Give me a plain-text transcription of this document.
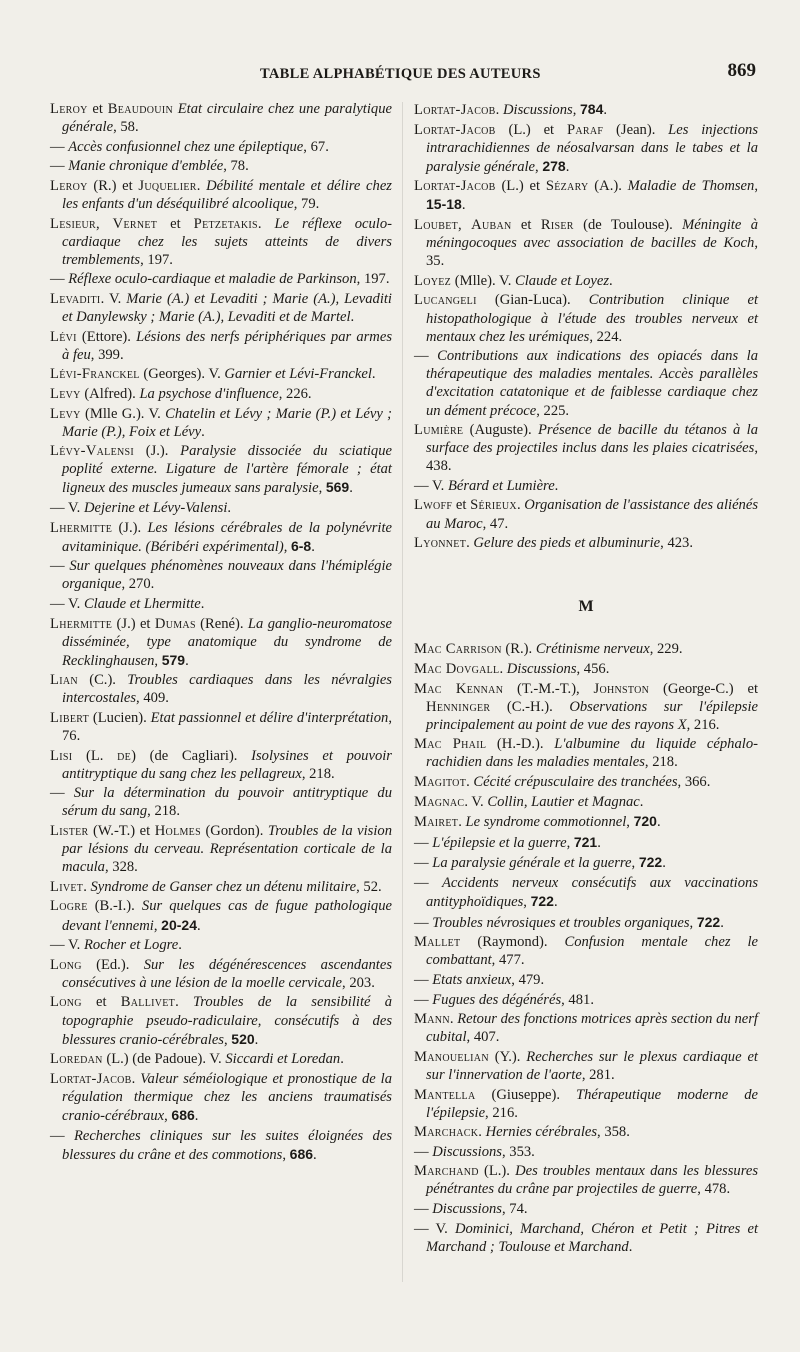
TABLE ALPHABÉTIQUE DES AUTEURS	869
Leroy et Beaudouin Etat circulaire chez une paralytique générale, 58.
— Accès confusionnel chez une épileptique, 67.
— Manie chronique d'emblée, 78.
Leroy (R.) et Juquelier. Débilité mentale et délire chez les enfants d'un déséquilibré alcoolique, 79.
Lesieur, Vernet et Petzetakis. Le réflexe oculo-cardiaque chez les sujets atteints de divers tremblements, 197.
— Réflexe oculo-cardiaque et maladie de Parkinson, 197.
Levaditi. V. Marie (A.) et Levaditi ; Marie (A.), Levaditi et Danylewsky ; Marie (A.), Levaditi et de Martel.
Lévi (Ettore). Lésions des nerfs périphériques par armes à feu, 399.
Lévi-Franckel (Georges). V. Garnier et Lévi-Franckel.
Levy (Alfred). La psychose d'influence, 226.
Levy (Mlle G.). V. Chatelin et Lévy ; Marie (P.) et Lévy ; Marie (P.), Foix et Lévy.
Lévy-Valensi (J.). Paralysie dissociée du sciatique poplité externe. Ligature de l'artère fémorale ; état ligneux des muscles jumeaux sans paralysie, 569.
— V. Dejerine et Lévy-Valensi.
Lhermitte (J.). Les lésions cérébrales de la polynévrite avitaminique. (Béribéri expérimental), 6-8.
— Sur quelques phénomènes nouveaux dans l'hémiplégie organique, 270.
— V. Claude et Lhermitte.
Lhermitte (J.) et Dumas (René). La ganglio-neuromatose disséminée, type anatomique du syndrome de Recklinghausen, 579.
Lian (C.). Troubles cardiaques dans les névralgies intercostales, 409.
Libert (Lucien). Etat passionnel et délire d'interprétation, 76.
Lisi (L. de) (de Cagliari). Isolysines et pouvoir antitryptique du sang chez les pellagreux, 218.
— Sur la détermination du pouvoir antitryptique du sérum du sang, 218.
Lister (W.-T.) et Holmes (Gordon). Troubles de la vision par lésions du cerveau. Représentation corticale de la macula, 328.
Livet. Syndrome de Ganser chez un détenu militaire, 52.
Logre (B.-I.). Sur quelques cas de fugue pathologique devant l'ennemi, 20-24.
— V. Rocher et Logre.
Long (Ed.). Sur les dégénérescences ascendantes consécutives à une lésion de la moelle cervicale, 203.
Long et Ballivet. Troubles de la sensibilité à topographie pseudo-radiculaire, consécutifs à des blessures cranio-cérébrales, 520.
Loredan (L.) (de Padoue). V. Siccardi et Loredan.
Lortat-Jacob. Valeur séméiologique et pronostique de la régulation thermique chez les anciens traumatisés cranio-cérébraux, 686.
— Recherches cliniques sur les suites éloignées des blessures du crâne et des commotions, 686.
Lortat-Jacob. Discussions, 784.
Lortat-Jacob (L.) et Paraf (Jean). Les injections intrarachidiennes de néosalvarsan dans le tabes et la paralysie générale, 278.
Lortat-Jacob (L.) et Sézary (A.). Maladie de Thomsen, 15-18.
Loubet, Auban et Riser (de Toulouse). Méningite à méningocoques avec association de bacilles de Koch, 35.
Loyez (Mlle). V. Claude et Loyez.
Lucangeli (Gian-Luca). Contribution clinique et histopathologique à l'étude des troubles nerveux et mentaux chez les urémiques, 224.
— Contributions aux indications des opiacés dans la thérapeutique des maladies mentales. Accès parallèles d'excitation catatonique et de faiblesse cardiaque chez un dément précoce, 225.
Lumière (Auguste). Présence de bacille du tétanos à la surface des projectiles inclus dans les plaies cicatrisées, 438.
— V. Bérard et Lumière.
Lwoff et Sérieux. Organisation de l'assistance des aliénés au Maroc, 47.
Lyonnet. Gelure des pieds et albuminurie, 423.
M
Mac Carrison (R.). Crétinisme nerveux, 229.
Mac Dovgall. Discussions, 456.
Mac Kennan (T.-M.-T.), Johnston (George-C.) et Henninger (C.-H.). Observations sur l'épilepsie principalement au point de vue des rayons X, 216.
Mac Phail (H.-D.). L'albumine du liquide céphalo-rachidien dans les maladies mentales, 218.
Magitot. Cécité crépusculaire des tranchées, 366.
Magnac. V. Collin, Lautier et Magnac.
Mairet. Le syndrome commotionnel, 720.
— L'épilepsie et la guerre, 721.
— La paralysie générale et la guerre, 722.
— Accidents nerveux consécutifs aux vaccinations antityphoïdiques, 722.
— Troubles névrosiques et troubles organiques, 722.
Mallet (Raymond). Confusion mentale chez le combattant, 477.
— Etats anxieux, 479.
— Fugues des dégénérés, 481.
Mann. Retour des fonctions motrices après section du nerf cubital, 407.
Manouelian (Y.). Recherches sur le plexus cardiaque et sur l'innervation de l'aorte, 281.
Mantella (Giuseppe). Thérapeutique moderne de l'épilepsie, 216.
Marchack. Hernies cérébrales, 358.
— Discussions, 353.
Marchand (L.). Des troubles mentaux dans les blessures pénétrantes du crâne par projectiles de guerre, 478.
— Discussions, 74.
— V. Dominici, Marchand, Chéron et Petit ; Pitres et Marchand ; Toulouse et Marchand.
